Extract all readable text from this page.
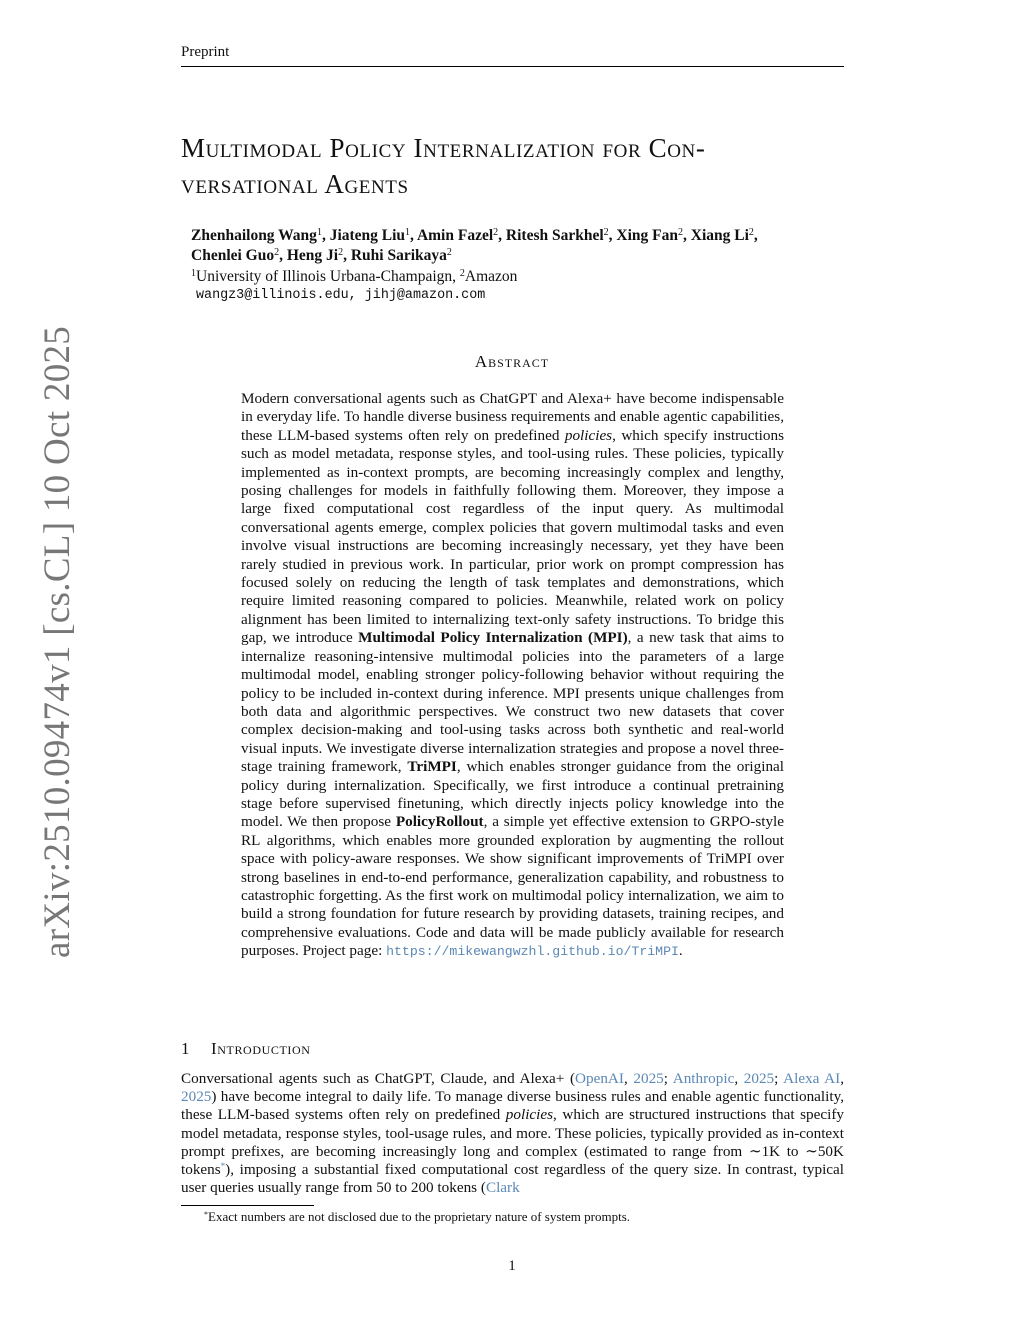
Preprint
Multimodal Policy Internalization for Con-
versational Agents
Zhenhailong Wang$^1$, Jiateng Liu$^1$, Amin Fazel$^2$, Ritesh Sarkhel$^2$, Xing Fan$^2$, Xiang Li$^2$,
Chenlei Guo$^2$, Heng Ji$^2$, Ruhi Sarikaya$^2$
$^1$University of Illinois Urbana-Champaign, $^2$Amazon
wangz3@illinois.edu, jihj@amazon.com
Abstract
Modern conversational agents such as ChatGPT and Alexa+ have become indispensable in everyday life. To handle diverse business requirements and enable agentic capabilities, these LLM-based systems often rely on predefined policies, which specify instructions such as model metadata, response styles, and tool-using rules. These policies, typically implemented as in-context prompts, are becoming increasingly complex and lengthy, posing challenges for models in faithfully following them. Moreover, they impose a large fixed computational cost regardless of the input query. As multimodal conversational agents emerge, complex policies that govern multimodal tasks and even involve visual instructions are becoming increasingly necessary, yet they have been rarely studied in previous work. In particular, prior work on prompt compression has focused solely on reducing the length of task templates and demonstrations, which require limited reasoning compared to policies. Meanwhile, related work on policy alignment has been limited to internalizing text-only safety instructions. To bridge this gap, we introduce Multimodal Policy Internalization (MPI), a new task that aims to internalize reasoning-intensive multimodal policies into the parameters of a large multimodal model, enabling stronger policy-following behavior without requiring the policy to be included in-context during inference. MPI presents unique challenges from both data and algorithmic perspectives. We construct two new datasets that cover complex decision-making and tool-using tasks across both synthetic and real-world visual inputs. We investigate diverse internalization strategies and propose a novel three-stage training framework, TriMPI, which enables stronger guidance from the original policy during internalization. Specifically, we first introduce a continual pretraining stage before supervised finetuning, which directly injects policy knowledge into the model. We then propose PolicyRollout, a simple yet effective extension to GRPO-style RL algorithms, which enables more grounded exploration by augmenting the rollout space with policy-aware responses. We show significant improvements of TriMPI over strong baselines in end-to-end performance, generalization capability, and robustness to catastrophic forgetting. As the first work on multimodal policy internalization, we aim to build a strong foundation for future research by providing datasets, training recipes, and comprehensive evaluations. Code and data will be made publicly available for research purposes. Project page: https://mikewangwzhl.github.io/TriMPI.
arXiv:2510.09474v1 [cs.CL] 10 Oct 2025
1 Introduction
Conversational agents such as ChatGPT, Claude, and Alexa+ (OpenAI, 2025; Anthropic, 2025; Alexa AI, 2025) have become integral to daily life. To manage diverse business rules and enable agentic functionality, these LLM-based systems often rely on predefined policies, which are structured instructions that specify model metadata, response styles, tool-usage rules, and more. These policies, typically provided as in-context prompt prefixes, are becoming increasingly long and complex (estimated to range from ∼1K to ∼50K tokens*), imposing a substantial fixed computational cost regardless of the query size. In contrast, typical user queries usually range from 50 to 200 tokens (Clark
*Exact numbers are not disclosed due to the proprietary nature of system prompts.
1
